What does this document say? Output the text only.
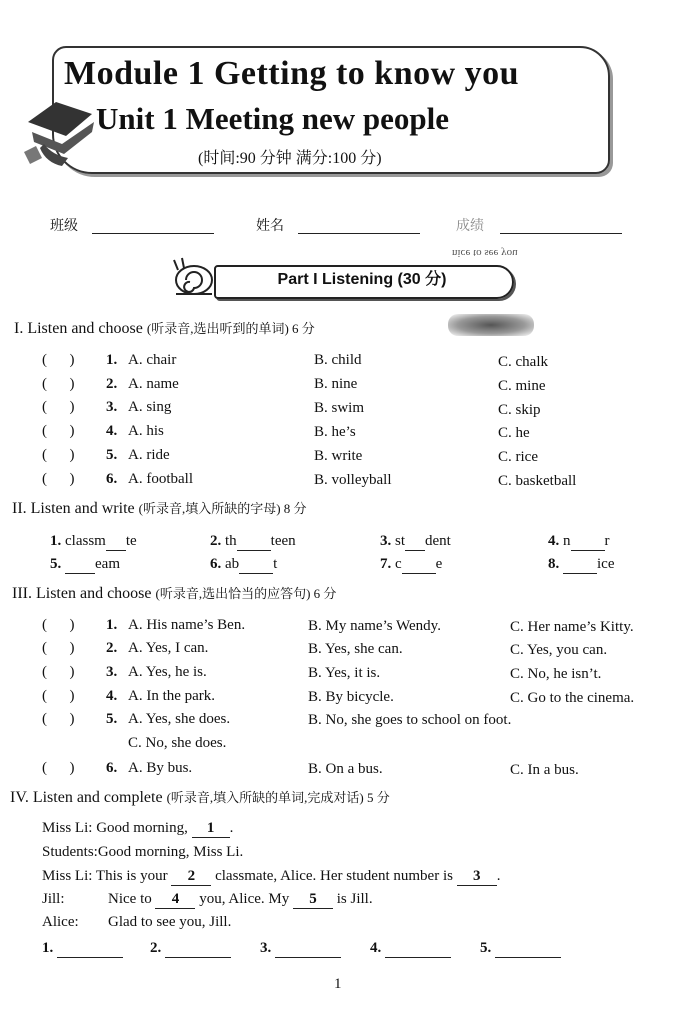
Module 1 Getting to know you
Unit 1 Meeting new people
(时间:90 分钟 满分:100 分)
班级	姓名	成绩
nice to see you
Part I Listening (30 分)
I. Listen and choose (听录音,选出听到的单词) 6 分
(      ) 1. A. chair	B. child	C. chalk
(      ) 2. A. name	B. nine	C. mine
(      ) 3. A. sing	B. swim	C. skip
(      ) 4. A. his	B. he’s	C. he
(      ) 5. A. ride	B. write	C. rice
(      ) 6. A. football	B. volleyball	C. basketball
II. Listen and write (听录音,填入所缺的字母) 8 分
1. classm te	2. th teen	3. st dent	4. n r
5. eam	6. ab t	7. c e	8.	ice
III. Listen and choose (听录音,选出恰当的应答句) 6 分
(      ) 1. A. His name’s Ben.	B. My name’s Wendy.	C. Her name’s Kitty.
(      ) 2. A. Yes, I can.	B. Yes, she can.	C. Yes, you can.
(      ) 3. A. Yes, he is.	B. Yes, it is.	C. No, he isn’t.
(      ) 4. A. In the park.	B. By bicycle.	C. Go to the cinema.
(      ) 5. A. Yes, she does.	B. No, she goes to school on foot.
C. No, she does.
(      ) 6. A. By bus.	B. On a bus.	C. In a bus.
IV. Listen and complete (听录音,填入所缺的单词,完成对话) 5 分
Miss Li: Good morning, 1 .
Students:Good morning, Miss Li.
Miss Li: This is your 2 classmate, Alice. Her student number is 3 .
Jill:	Nice to 4 you, Alice. My 5 is Jill.
Alice: Glad to see you, Jill.
1.	2.	3.	4.	5.
1
